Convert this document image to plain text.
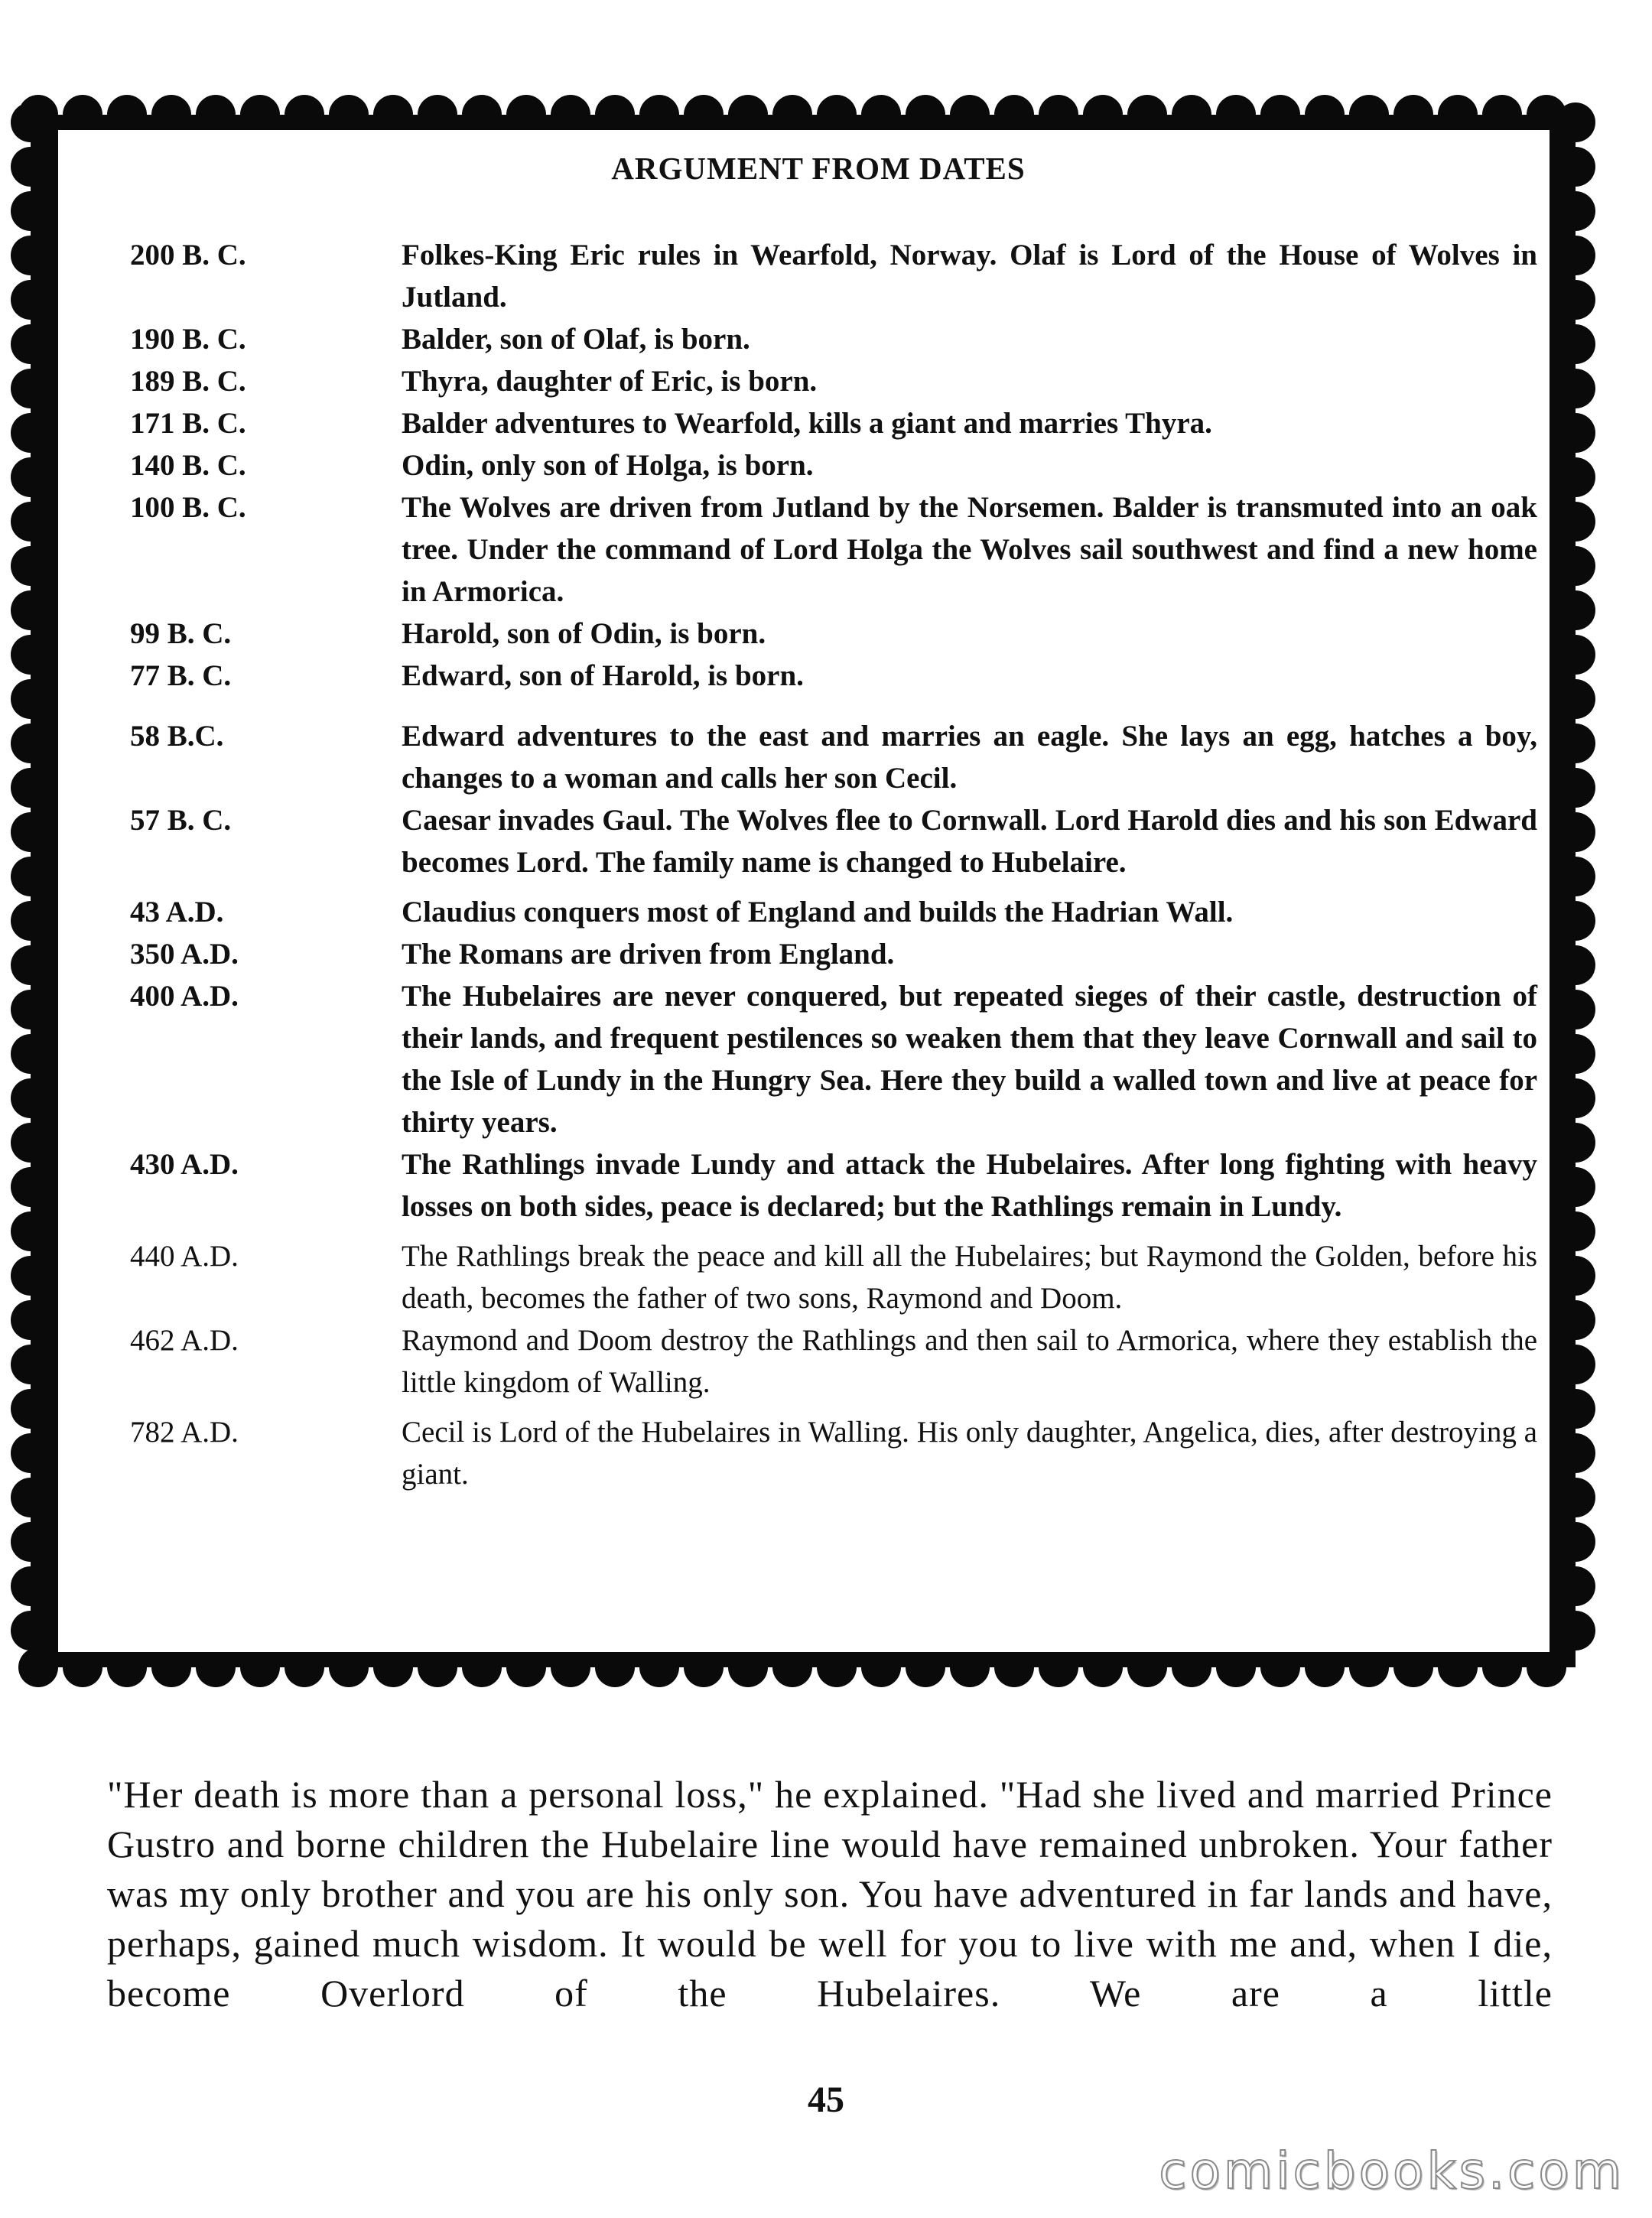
ARGUMENT FROM DATES
200 B. C.	Folkes-King Eric rules in Wearfold, Norway. Olaf is Lord of the House of Wolves in Jutland.
190 B. C.	Balder, son of Olaf, is born.
189 B. C.	Thyra, daughter of Eric, is born.
171 B. C.	Balder adventures to Wearfold, kills a giant and marries Thyra.
140 B. C.	Odin, only son of Holga, is born.
100 B. C.	The Wolves are driven from Jutland by the Norsemen. Balder is transmuted into an oak tree. Under the command of Lord Holga the Wolves sail southwest and find a new home in Armorica.
99 B. C.	Harold, son of Odin, is born.
77 B. C.	Edward, son of Harold, is born.
58 B.C.	Edward adventures to the east and marries an eagle. She lays an egg, hatches a boy, changes to a woman and calls her son Cecil.
57 B. C.	Caesar invades Gaul. The Wolves flee to Cornwall. Lord Harold dies and his son Edward becomes Lord. The family name is changed to Hubelaire.
43 A.D.	Claudius conquers most of England and builds the Hadrian Wall.
350 A.D.	The Romans are driven from England.
400 A.D.	The Hubelaires are never conquered, but repeated sieges of their castle, destruction of their lands, and frequent pestilences so weaken them that they leave Cornwall and sail to the Isle of Lundy in the Hungry Sea. Here they build a walled town and live at peace for thirty years.
430 A.D.	The Rathlings invade Lundy and attack the Hubelaires. After long fighting with heavy losses on both sides, peace is declared; but the Rathlings remain in Lundy.
440 A.D.	The Rathlings break the peace and kill all the Hubelaires; but Raymond the Golden, before his death, becomes the father of two sons, Raymond and Doom.
462 A.D.	Raymond and Doom destroy the Rathlings and then sail to Armorica, where they establish the little kingdom of Walling.
782 A.D.	Cecil is Lord of the Hubelaires in Walling. His only daughter, Angelica, dies, after destroying a giant.
"Her death is more than a personal loss," he explained. "Had she lived and married Prince Gustro and borne children the Hubelaire line would have remained unbroken. Your father was my only brother and you are his only son. You have adventured in far lands and have, perhaps, gained much wisdom. It would be well for you to live with me and, when I die, become Overlord of the Hubelaires. We are a little
45
comicbooks.com
